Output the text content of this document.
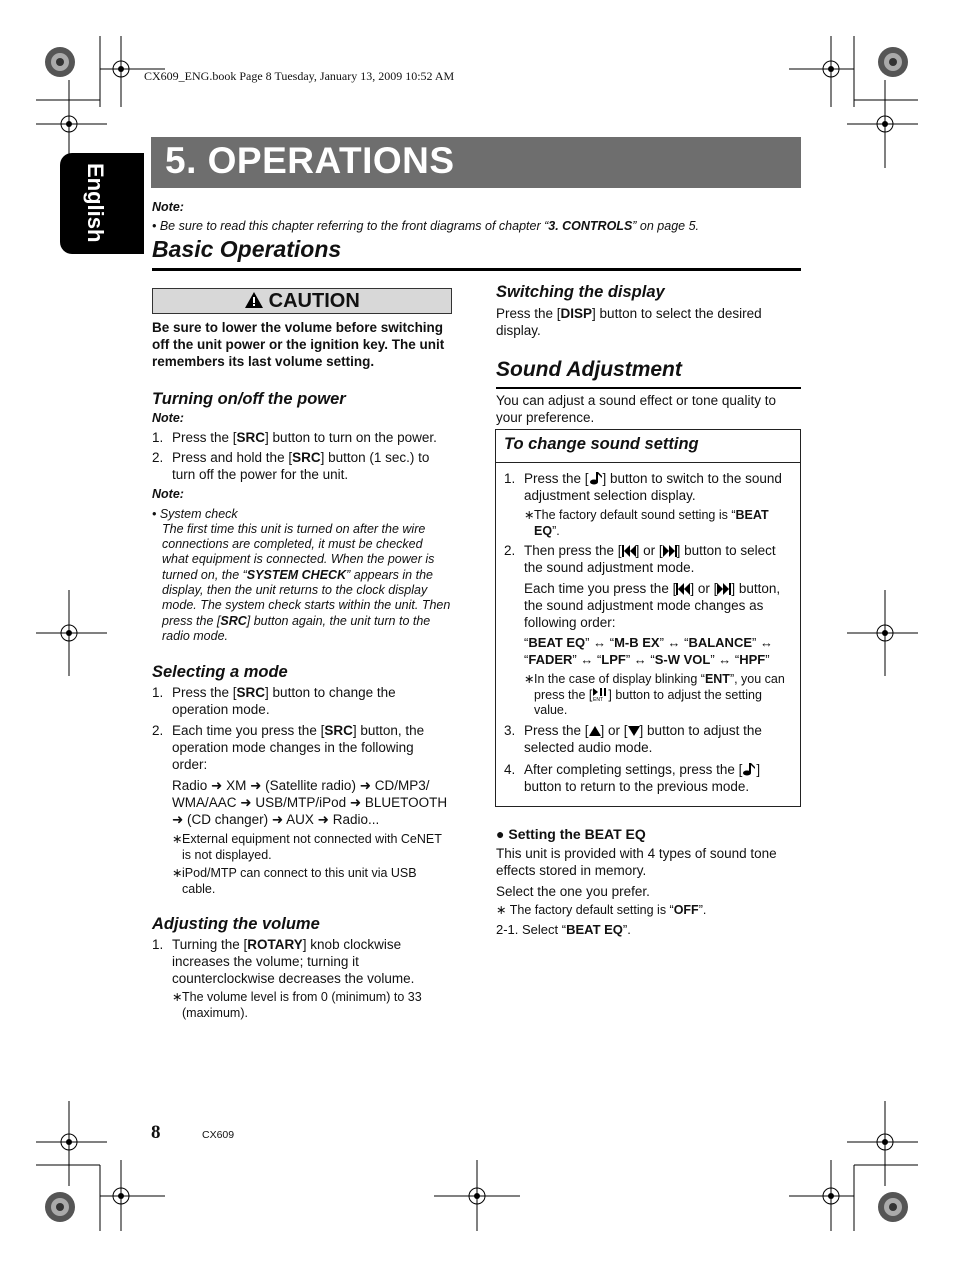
CX609_ENG.book Page 8 Tuesday, January 13, 2009 10:52 AM
English
5. OPERATIONS
Note:
• Be sure to read this chapter referring to the front diagrams of chapter “3. CONTROLS” on page 5.
Basic Operations
CAUTION

Be sure to lower the volume before switching off the unit power or the ignition key. The unit remembers its last volume setting.

Turning on/off the power

Note:

1. Press the [SRC] button to turn on the power.
2. Press and hold the [SRC] button (1 sec.) to turn off the power for the unit.

Note:

• System check

The first time this unit is turned on after the wire connections are completed, it must be checked what equipment is connected. When the power is turned on, the “SYSTEM CHECK” appears in the display, then the unit returns to the clock display mode. The system check starts within the unit. Then press the [SRC] button again, the unit turn to the radio mode.

Selecting a mode

1. Press the [SRC] button to change the operation mode.
2. Each time you press the [SRC] button, the operation mode changes in the following order:

Radio ➜ XM ➜ (Satellite radio) ➜ CD/MP3/ WMA/AAC ➜ USB/MTP/iPod ➜ BLUETOOTH ➜ (CD changer) ➜ AUX ➜ Radio...

∗ External equipment not connected with CeNET is not displayed.
∗ iPod/MTP can connect to this unit via USB cable.

Adjusting the volume

1. Turning the [ROTARY] knob clockwise increases the volume; turning it counterclockwise decreases the volume.
∗ The volume level is from 0 (minimum) to 33 (maximum).

Switching the display

Press the [DISP] button to select the desired display.

Sound Adjustment
You can adjust a sound effect or tone quality to your preference.
To change sound setting
1. Press the [ ] button to switch to the sound adjustment selection display.
∗ The factory default sound setting is “BEAT EQ”.
2. Then press the [ ] or [ ] button to select the sound adjustment mode.

Each time you press the [ ] or [ ] button, the sound adjustment mode changes as following order:

“BEAT EQ” ↔ “M-B EX” ↔ “BALANCE” ↔ “FADER” ↔ “LPF” ↔ “S-W VOL” ↔ “HPF”

∗ In the case of display blinking “ENT”, you can press the [ ENT ] button to adjust the setting value.
3. Press the [ ] or [ ] button to adjust the selected audio mode.
4. After completing settings, press the [ ] button to return to the previous mode.

● Setting the BEAT EQ

This unit is provided with 4 types of sound tone effects stored in memory.

Select the one you prefer.

∗ The factory default setting is “OFF”.

2-1. Select “BEAT EQ”.

8	CX609
